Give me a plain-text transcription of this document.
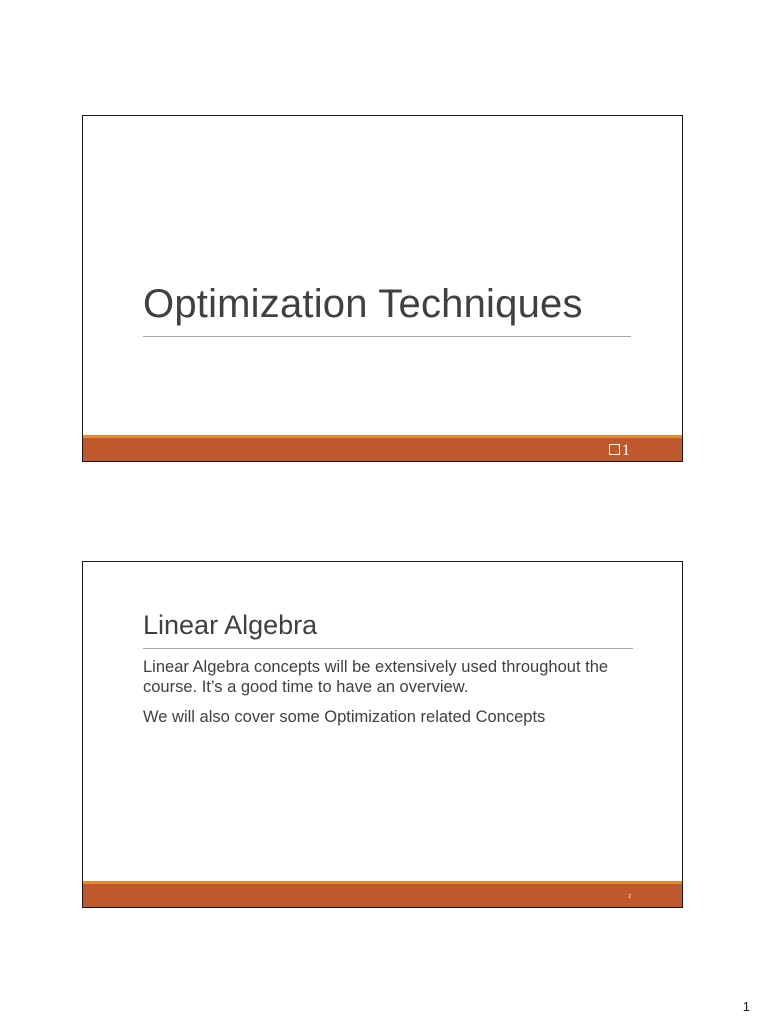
Optimization Techniques
1
Linear Algebra

Linear Algebra concepts will be extensively used throughout the course. It’s a good time to have an overview.

We will also cover some Optimization related Concepts

2
1
